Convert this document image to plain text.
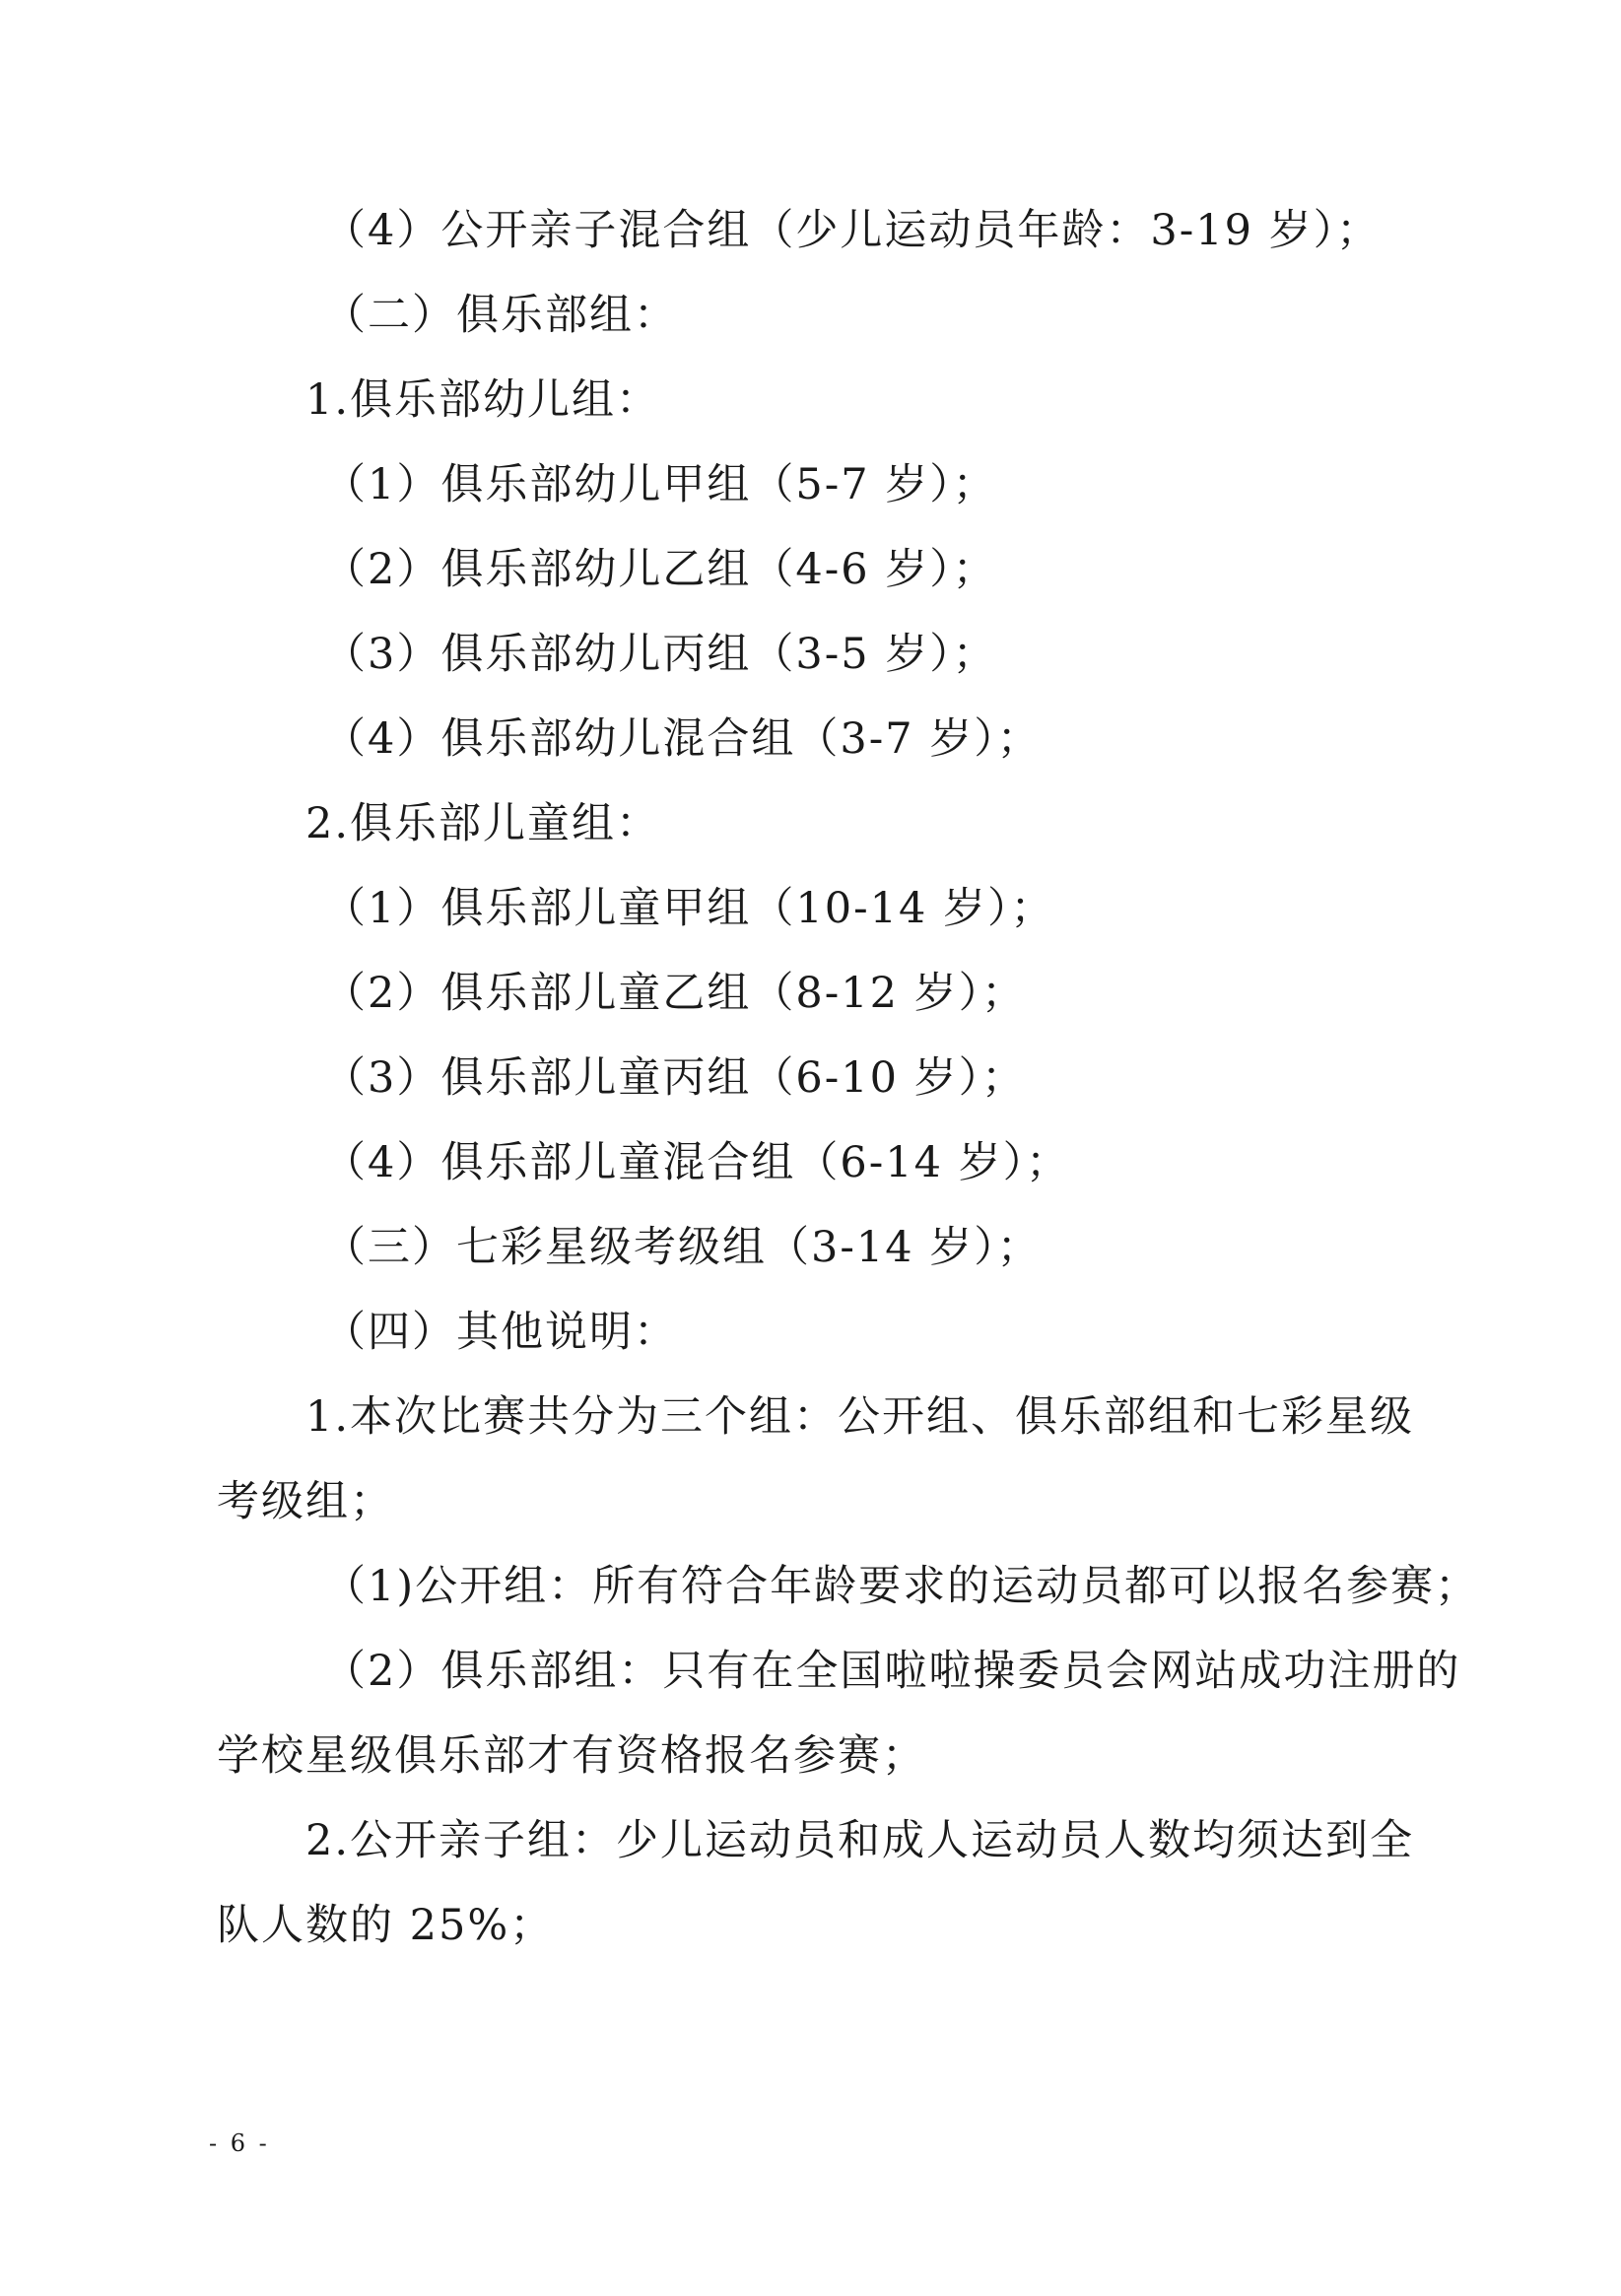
（4）公开亲子混合组（少儿运动员年龄：3-19 岁）；
（二）俱乐部组：
1.俱乐部幼儿组：
（1）俱乐部幼儿甲组（5-7 岁）；
（2）俱乐部幼儿乙组（4-6 岁）；
（3）俱乐部幼儿丙组（3-5 岁）；
（4）俱乐部幼儿混合组（3-7 岁）；
2.俱乐部儿童组：
（1）俱乐部儿童甲组（10-14 岁）；
（2）俱乐部儿童乙组（8-12 岁）；
（3）俱乐部儿童丙组（6-10 岁）；
（4）俱乐部儿童混合组（6-14 岁）；
（三）七彩星级考级组（3-14 岁）；
（四）其他说明：
1.本次比赛共分为三个组：公开组、俱乐部组和七彩星级
考级组；
（1)公开组：所有符合年龄要求的运动员都可以报名参赛；
（2）俱乐部组：只有在全国啦啦操委员会网站成功注册的
学校星级俱乐部才有资格报名参赛；
2.公开亲子组：少儿运动员和成人运动员人数均须达到全
队人数的 25%；
- 6 -
